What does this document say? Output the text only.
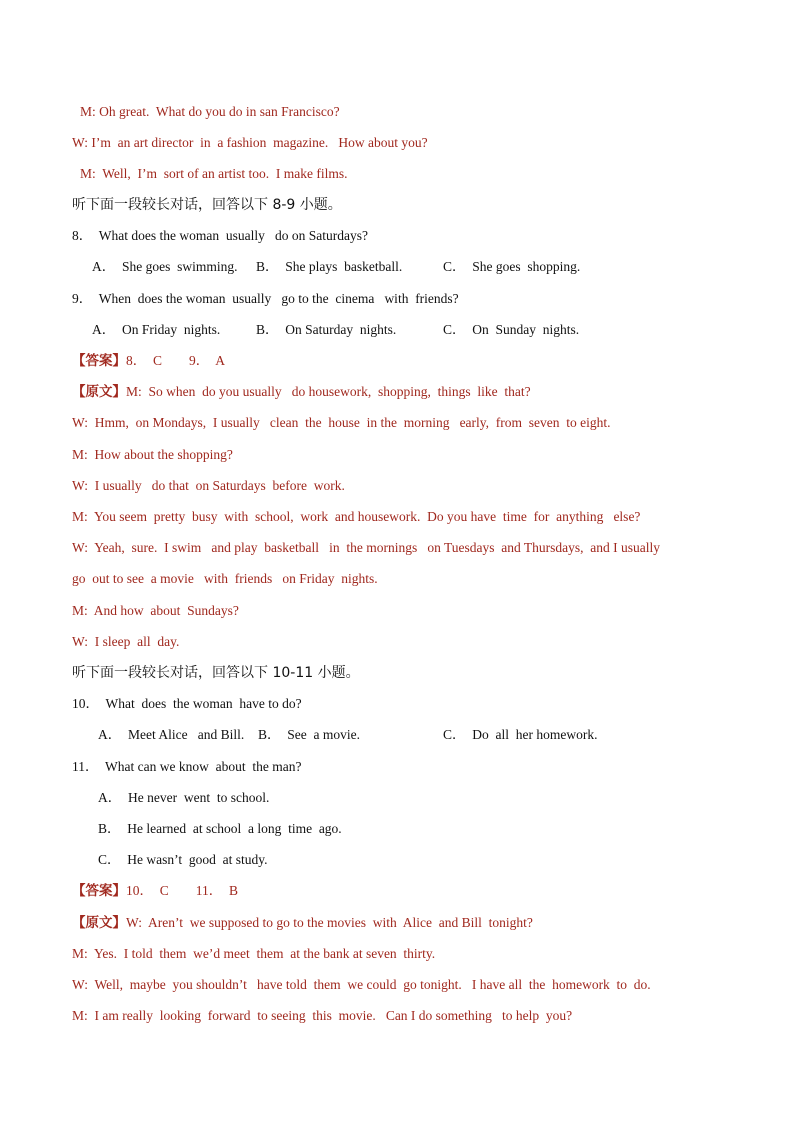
M: Oh great.  What do you do in san Francisco?
W: I’m  an art director  in  a fashion  magazine.   How about you?
M:  Well,  I’m  sort of an artist too.  I make films.
听下面一段较长对话，回答以下 8-9 小题。
8．  What does the woman  usually   do on Saturdays?
A．  She goes  swimming. B．  She plays  basketball.	C．  She goes  shopping.
9．  When  does the woman  usually   go to the  cinema   with  friends?
A．  On Friday  nights.	B．  On Saturday  nights.	C．  On  Sunday  nights.
【答案】8．  C        9．  A
【原文】M:  So when  do you usually   do housework,  shopping,  things  like  that?
W:  Hmm,  on Mondays,  I usually   clean  the  house  in the  morning   early,  from  seven  to eight.
M:  How about the shopping?
W:  I usually   do that  on Saturdays  before  work.
M:  You seem  pretty  busy  with  school,  work  and housework.  Do you have  time  for  anything   else?
W:  Yeah,  sure.  I swim   and play  basketball   in  the mornings   on Tuesdays  and Thursdays,  and I usually
go  out to see  a movie   with  friends   on Friday  nights.
M:  And how  about  Sundays?
W:  I sleep  all  day.
听下面一段较长对话，回答以下 10-11 小题。
10．  What  does  the woman  have to do?
A．  Meet Alice   and Bill. B．  See  a movie.	C．  Do  all  her homework.
11．  What can we know  about  the man?
A．  He never  went  to school.
B．  He learned  at school  a long  time  ago.
C．  He wasn’t  good  at study.
【答案】10．  C        11．  B
【原文】W:  Aren’t  we supposed to go to the movies  with  Alice  and Bill  tonight?
M:  Yes.  I told  them  we’d meet  them  at the bank at seven  thirty.
W:  Well,  maybe  you shouldn’t   have told  them  we could  go tonight.   I have all  the  homework  to  do.
M:  I am really  looking  forward  to seeing  this  movie.   Can I do something   to help  you?
